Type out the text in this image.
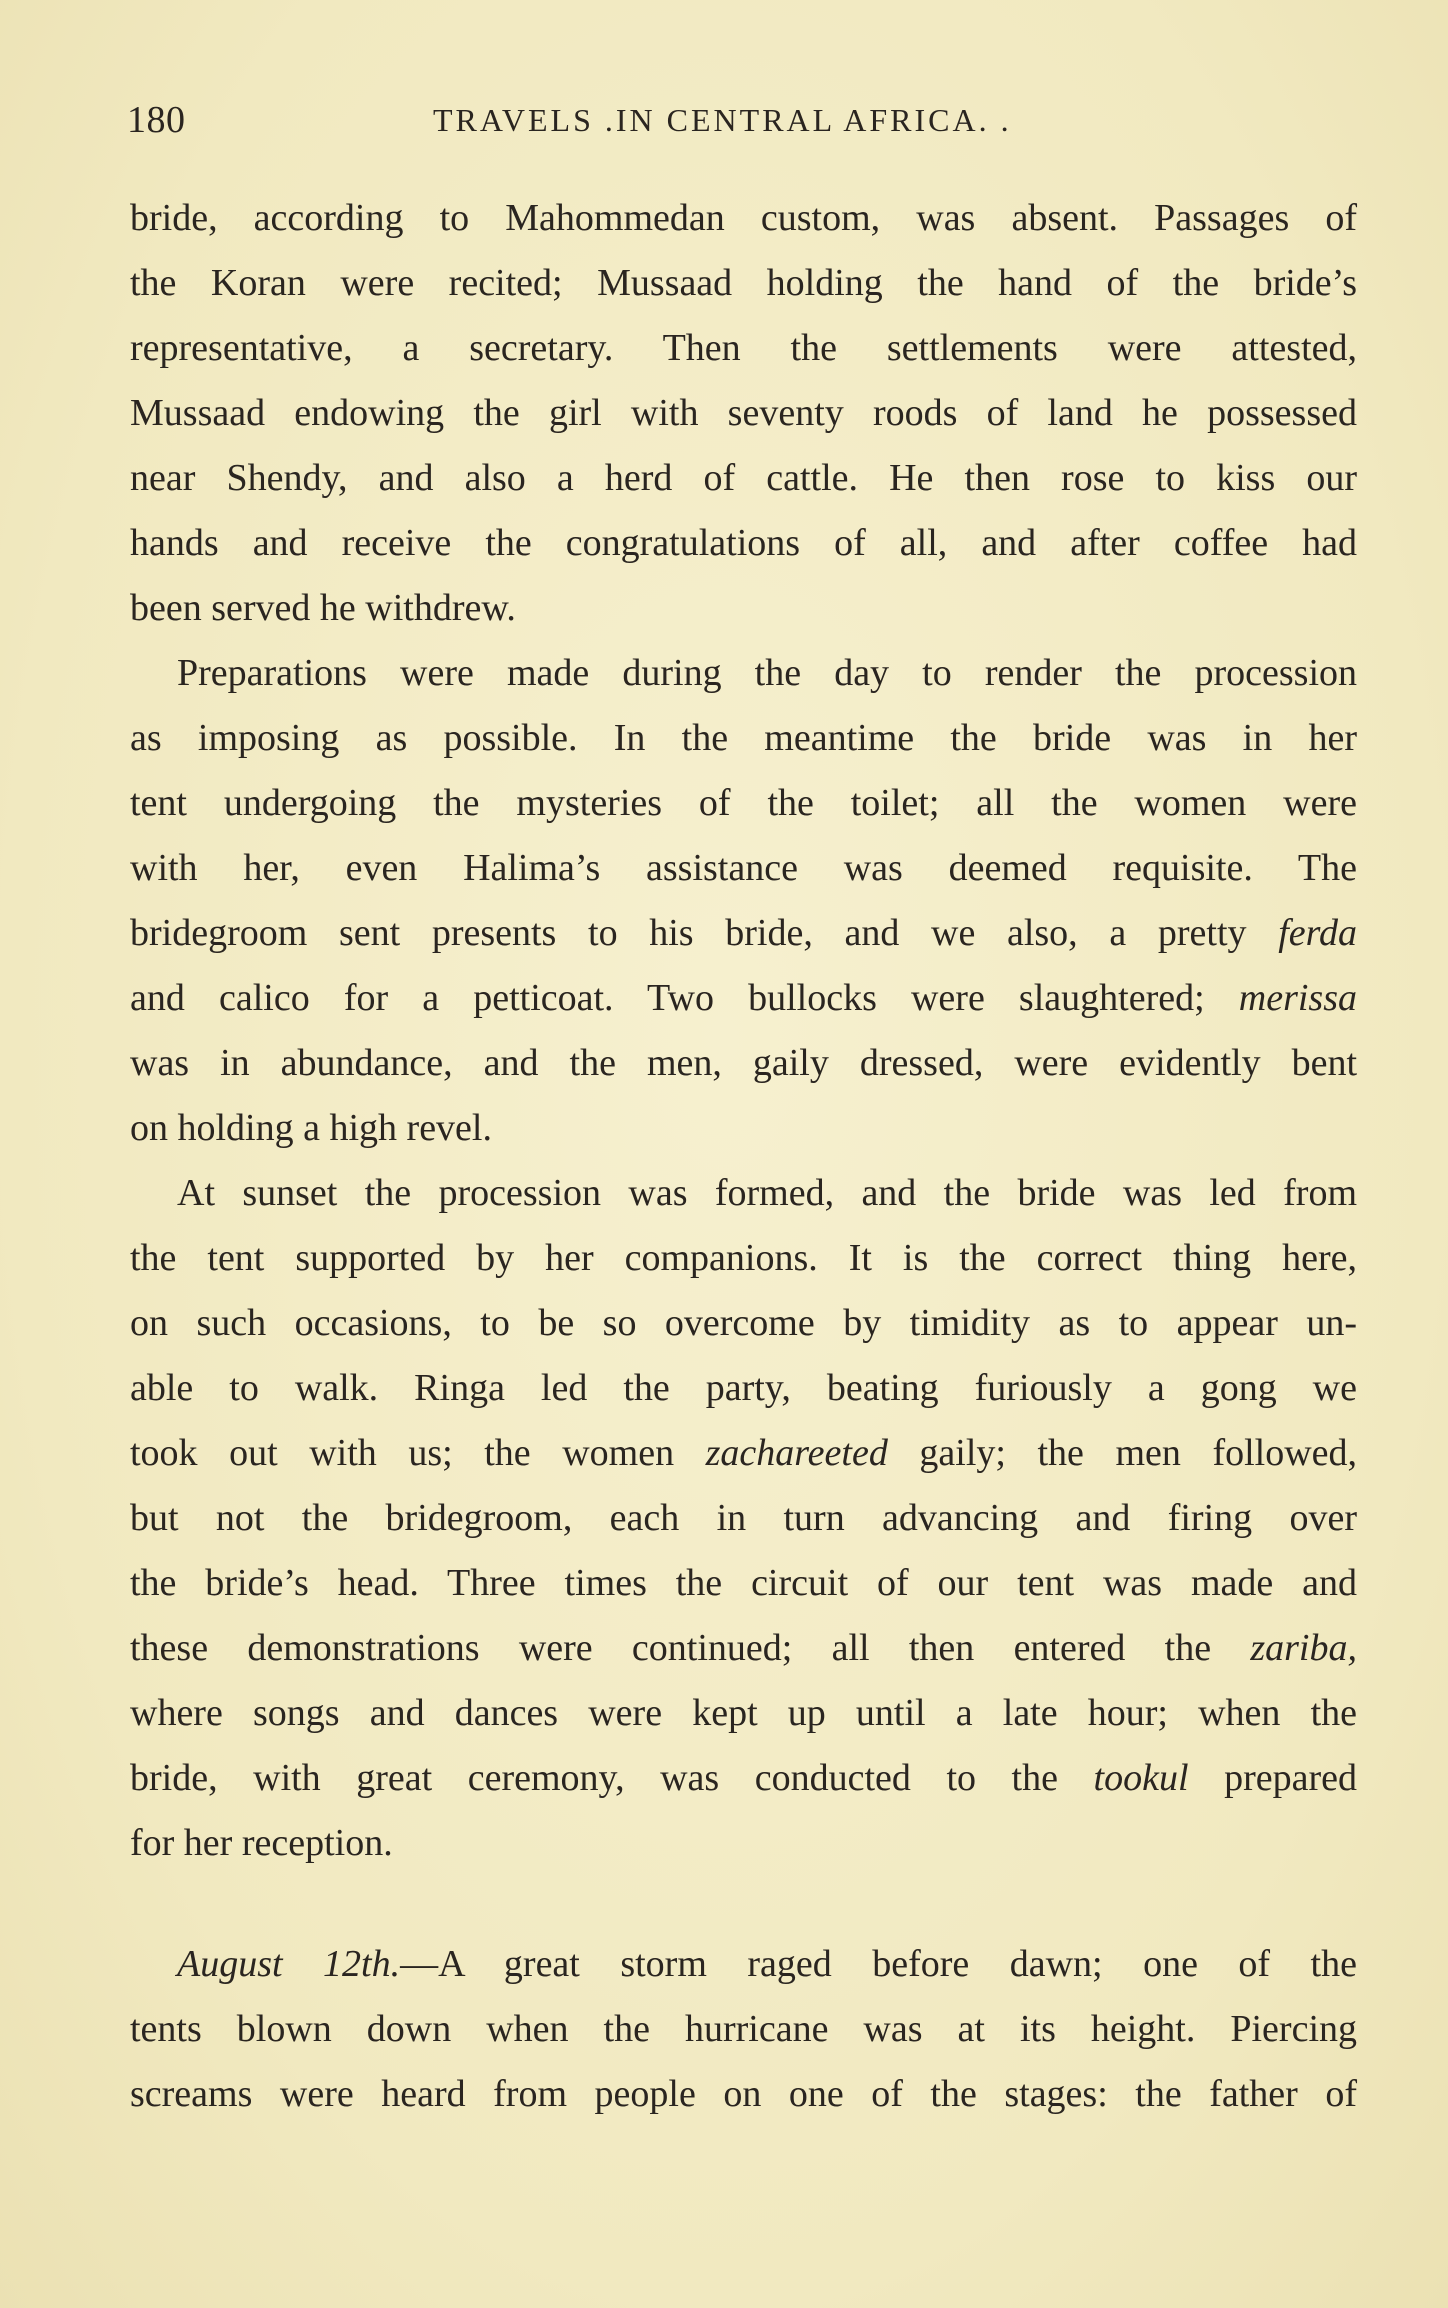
180	TRAVELS .IN CENTRAL AFRICA. .
bride, according to Mahommedan custom, was absent. Passages of
the Koran were recited; Mussaad holding the hand of the bride’s
representative, a secretary. Then the settlements were attested,
Mussaad endowing the girl with seventy roods of land he possessed
near Shendy, and also a herd of cattle. He then rose to kiss our
hands and receive the congratulations of all, and after coffee had
been served he withdrew.
Preparations were made during the day to render the procession
as imposing as possible. In the meantime the bride was in her
tent undergoing the mysteries of the toilet; all the women were
with her, even Halima’s assistance was deemed requisite. The
bridegroom sent presents to his bride, and we also, a pretty ferda
and calico for a petticoat. Two bullocks were slaughtered; merissa
was in abundance, and the men, gaily dressed, were evidently bent
on holding a high revel.
At sunset the procession was formed, and the bride was led from
the tent supported by her companions. It is the correct thing here,
on such occasions, to be so overcome by timidity as to appear un-
able to walk. Ringa led the party, beating furiously a gong we
took out with us; the women zachareeted gaily; the men followed,
but not the bridegroom, each in turn advancing and firing over
the bride’s head. Three times the circuit of our tent was made and
these demonstrations were continued; all then entered the zariba,
where songs and dances were kept up until a late hour; when the
bride, with great ceremony, was conducted to the tookul prepared
for her reception.
August 12th.—A great storm raged before dawn; one of the
tents blown down when the hurricane was at its height. Piercing
screams were heard from people on one of the stages: the father of
